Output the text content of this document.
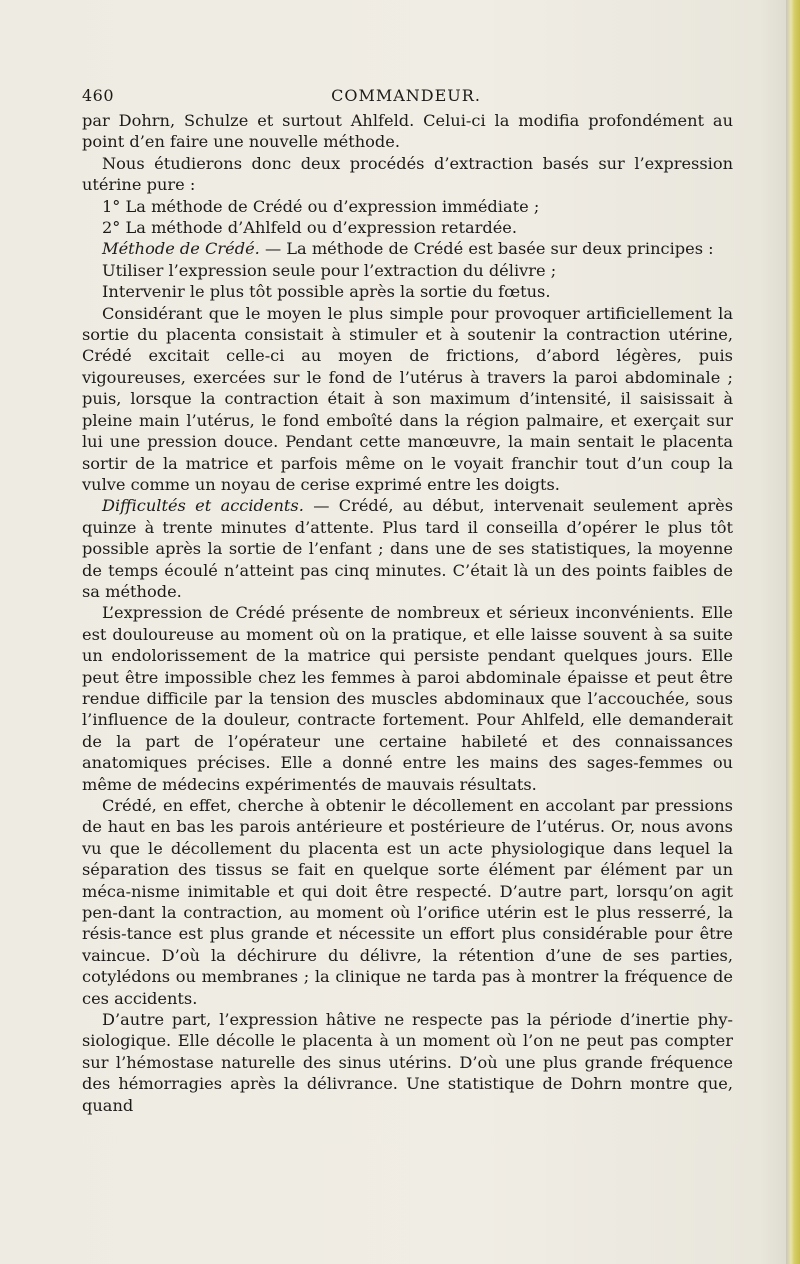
460	COMMANDEUR.

par Dohrn, Schulze et surtout Ahlfeld. Celui-ci la modifia profondément au point d’en faire une nouvelle méthode.

Nous étudierons donc deux procédés d’extraction basés sur l’expression utérine pure :

1° La méthode de Crédé ou d’expression immédiate ;

2° La méthode d’Ahlfeld ou d’expression retardée.

Méthode de Crédé. — La méthode de Crédé est basée sur deux principes :

Utiliser l’expression seule pour l’extraction du délivre ;

Intervenir le plus tôt possible après la sortie du fœtus.

Considérant que le moyen le plus simple pour provoquer artificiellement la sortie du placenta consistait à stimuler et à soutenir la contraction utérine, Crédé excitait celle-ci au moyen de frictions, d’abord légères, puis vigoureuses, exercées sur le fond de l’utérus à travers la paroi abdominale ; puis, lorsque la contraction était à son maximum d’intensité, il saisissait à pleine main l’utérus, le fond emboîté dans la région palmaire, et exerçait sur lui une pression douce. Pendant cette manœuvre, la main sentait le placenta sortir de la matrice et parfois même on le voyait franchir tout d’un coup la vulve comme un noyau de cerise exprimé entre les doigts.

Difficultés et accidents. — Crédé, au début, intervenait seulement après quinze à trente minutes d’attente. Plus tard il conseilla d’opérer le plus tôt possible après la sortie de l’enfant ; dans une de ses statistiques, la moyenne de temps écoulé n’atteint pas cinq minutes. C’était là un des points faibles de sa méthode.

L’expression de Crédé présente de nombreux et sérieux inconvénients. Elle est douloureuse au moment où on la pratique, et elle laisse souvent à sa suite un endolorissement de la matrice qui persiste pendant quelques jours. Elle peut être impossible chez les femmes à paroi abdominale épaisse et peut être rendue difficile par la tension des muscles abdominaux que l’accouchée, sous l’influence de la douleur, contracte fortement. Pour Ahlfeld, elle demanderait de la part de l’opérateur une certaine habileté et des connaissances anatomiques précises. Elle a donné entre les mains des sages-femmes ou même de médecins expérimentés de mauvais résultats.

Crédé, en effet, cherche à obtenir le décollement en accolant par pressions de haut en bas les parois antérieure et postérieure de l’utérus. Or, nous avons vu que le décollement du placenta est un acte physiologique dans lequel la séparation des tissus se fait en quelque sorte élément par élément par un méca-nisme inimitable et qui doit être respecté. D’autre part, lorsqu’on agit pen-dant la contraction, au moment où l’orifice utérin est le plus resserré, la résis-tance est plus grande et nécessite un effort plus considérable pour être vaincue. D’où la déchirure du délivre, la rétention d’une de ses parties, cotylédons ou membranes ; la clinique ne tarda pas à montrer la fréquence de ces accidents.

D’autre part, l’expression hâtive ne respecte pas la période d’inertie phy-siologique. Elle décolle le placenta à un moment où l’on ne peut pas compter sur l’hémostase naturelle des sinus utérins. D’où une plus grande fréquence des hémorragies après la délivrance. Une statistique de Dohrn montre que, quand
